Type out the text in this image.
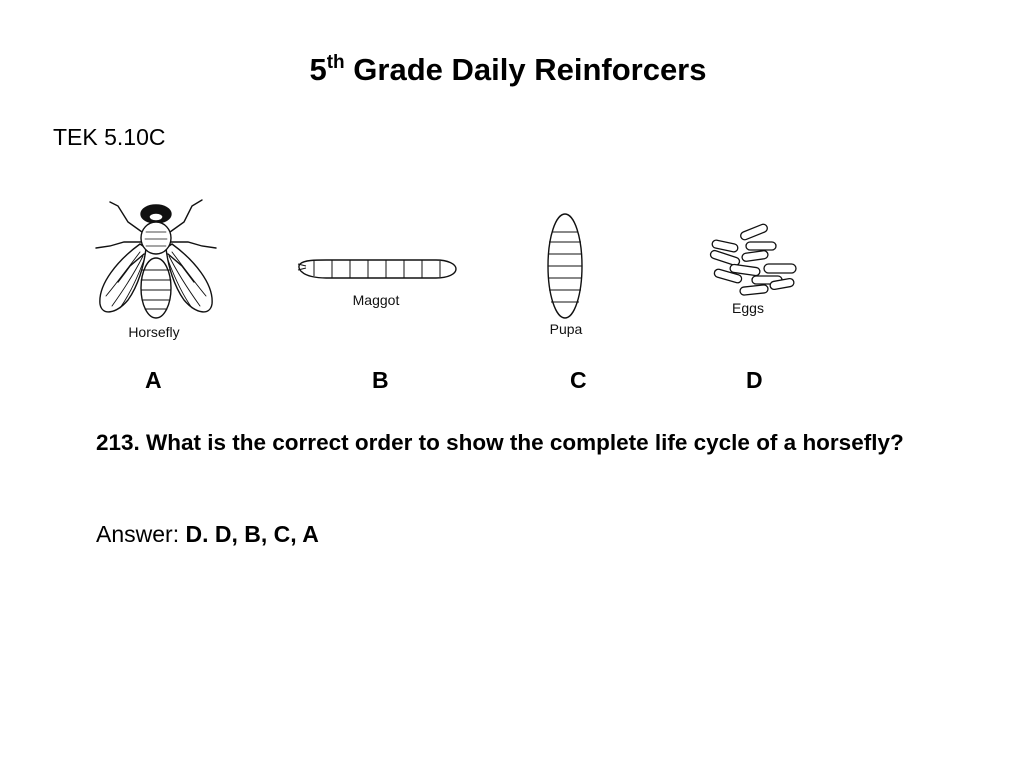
5th Grade Daily Reinforcers
TEK 5.10C
Horsefly
Maggot
Pupa
Eggs
A	B	C	D
213. What is the correct order to show the complete life cycle of a horsefly?
Answer: D. D, B, C, A
